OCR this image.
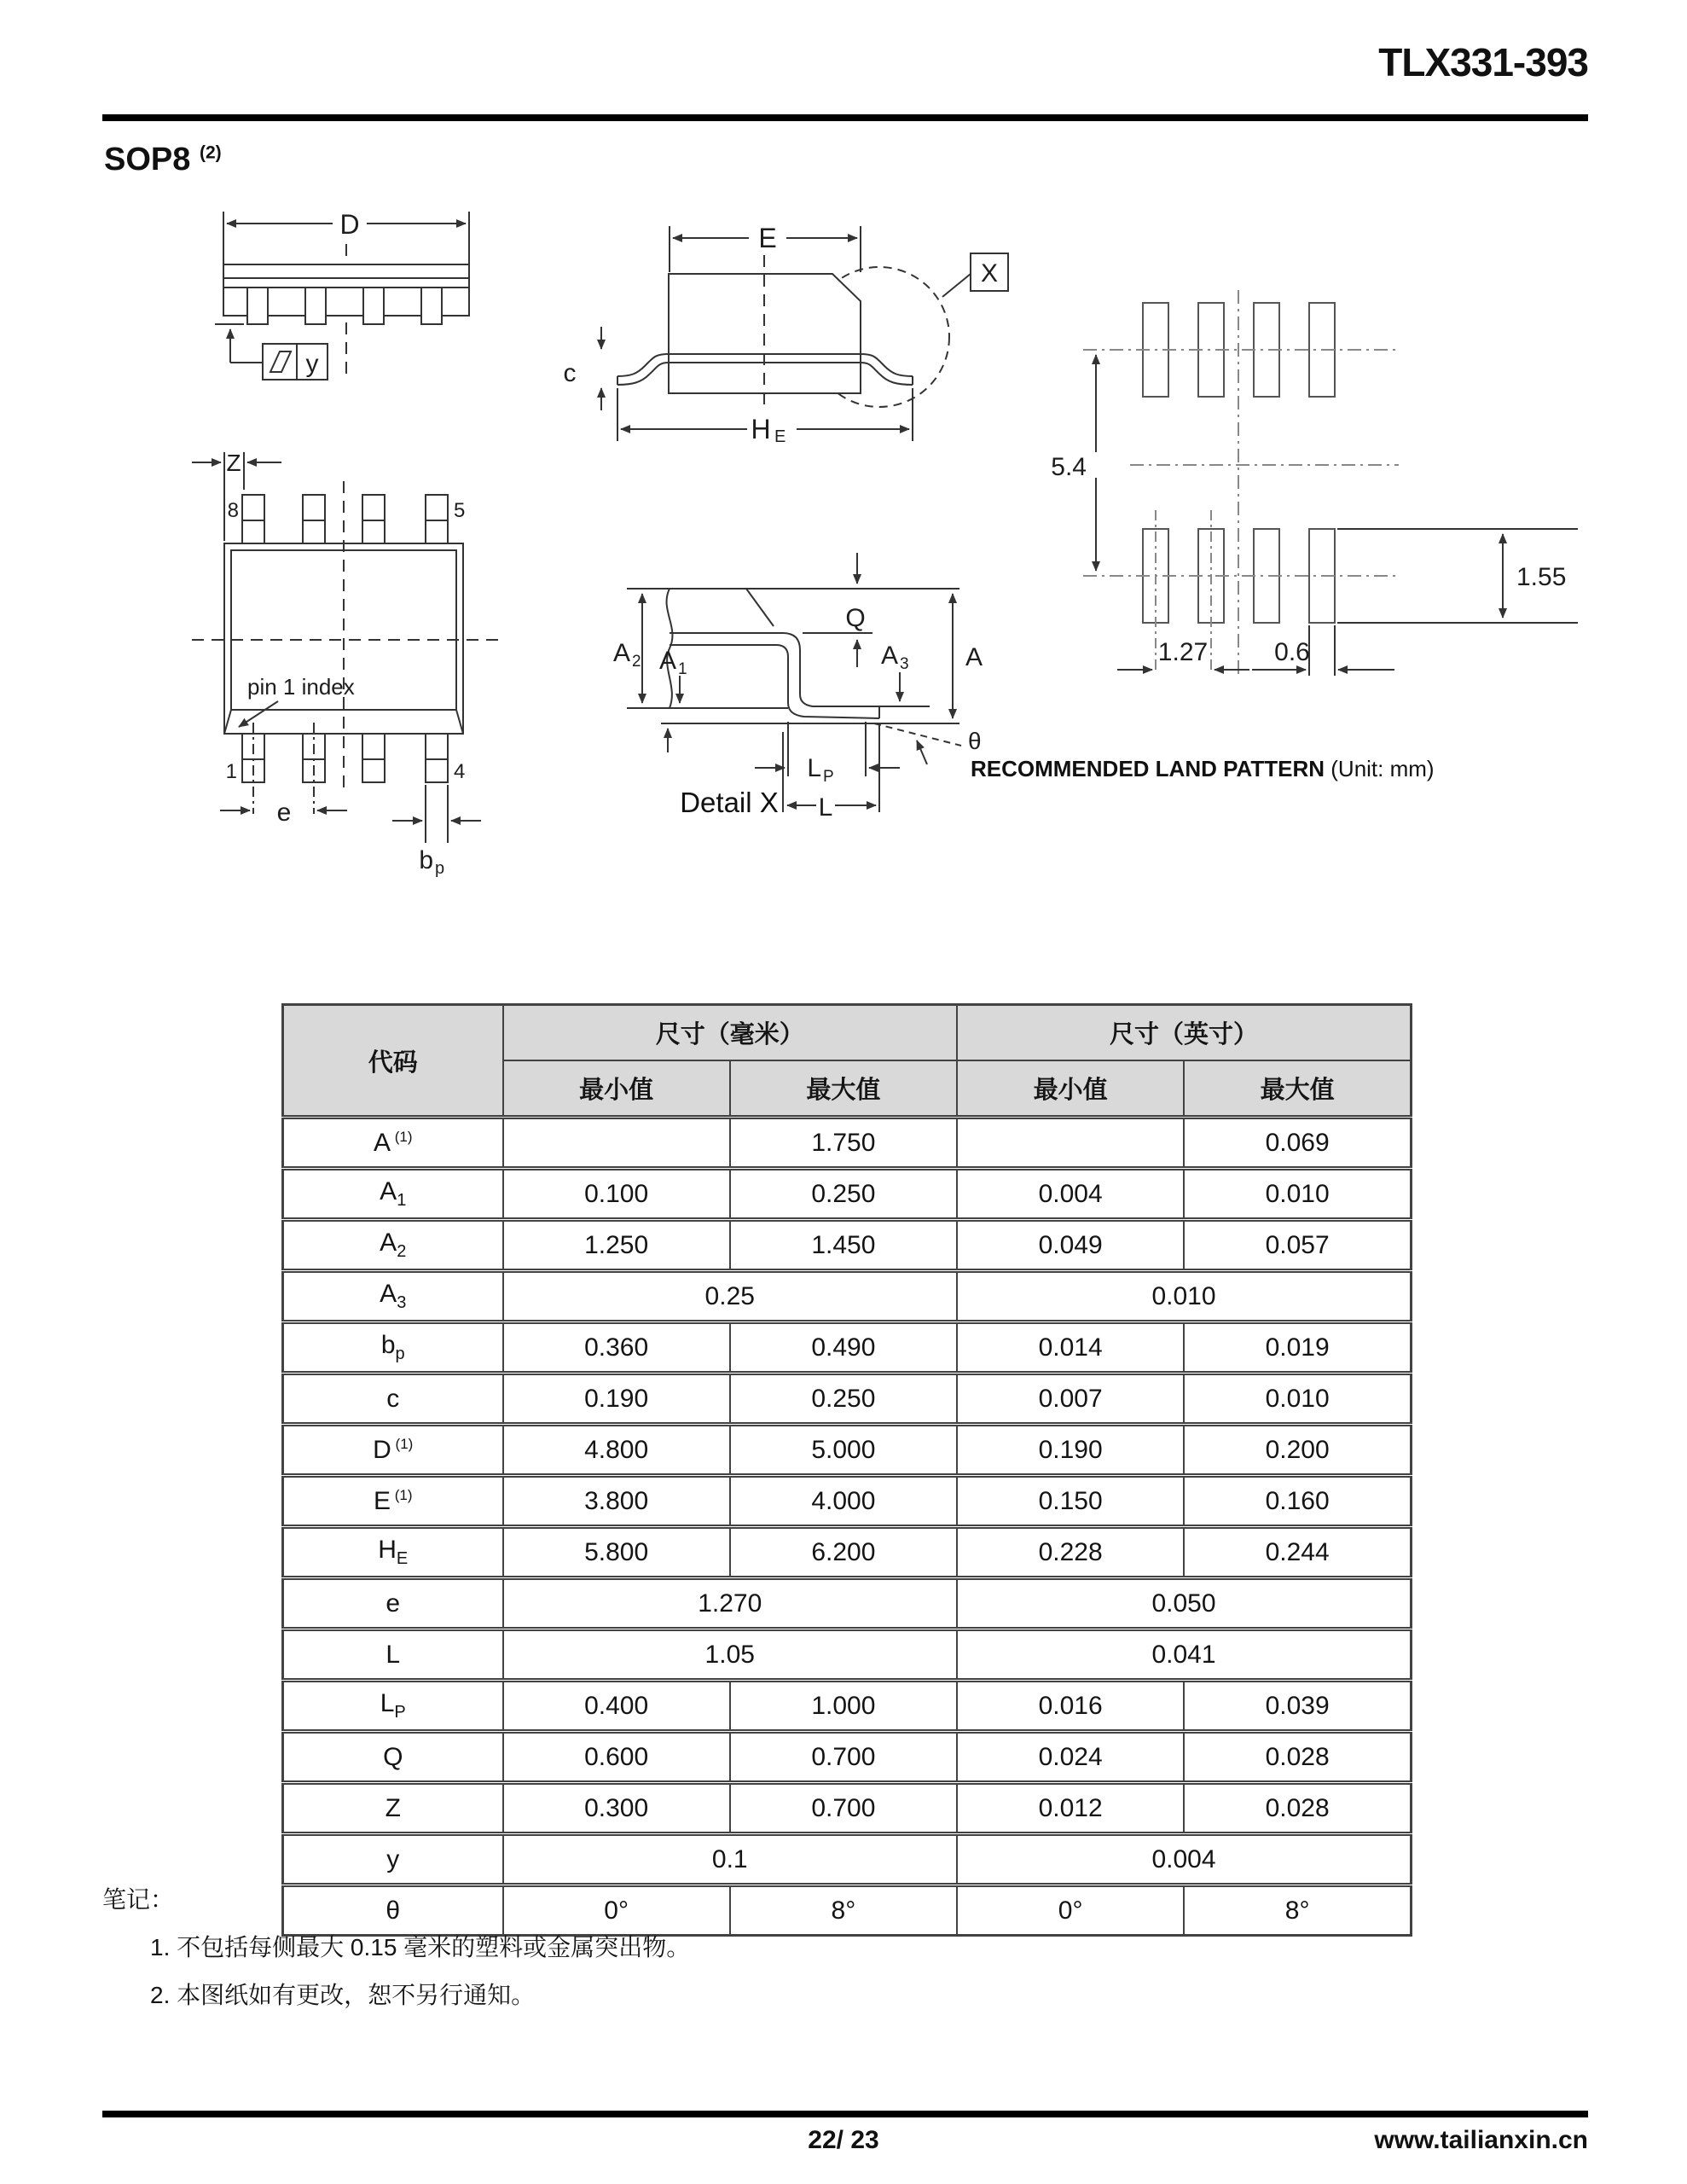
TLX331-393
SOP8 $^{(2)}$
D
y
E
X
c
H E
Z
8	5
1	4
pin 1 index
e
b p
A 2 A 1
Q
A 3 A
θ
L P
L
Detail X
5.4
1.55
1.27	0.6
RECOMMENDED LAND PATTERN (Unit: mm)
代码	尺寸（毫米）		尺寸（英寸）	
	最小值	最大值	最小值	最大值
A $^{(1)}$		1.750		0.069
$A_1$	0.100	0.250	0.004	0.010
$A_2$	1.250	1.450	0.049	0.057
$A_3$	0.25		0.010	
$b_p$	0.360	0.490	0.014	0.019
c	0.190	0.250	0.007	0.010
D $^{(1)}$	4.800	5.000	0.190	0.200
E $^{(1)}$	3.800	4.000	0.150	0.160
$H_E$	5.800	6.200	0.228	0.244
e	1.270		0.050	
L	1.05		0.041	
$L_P$	0.400	1.000	0.016	0.039
Q	0.600	0.700	0.024	0.028
Z	0.300	0.700	0.012	0.028
y	0.1		0.004	
θ	0°	8°	0°	8°
笔记：
1. 不包括每侧最大 0.15 毫米的塑料或金属突出物。
2. 本图纸如有更改，恕不另行通知。
22/ 23	www.tailianxin.cn
